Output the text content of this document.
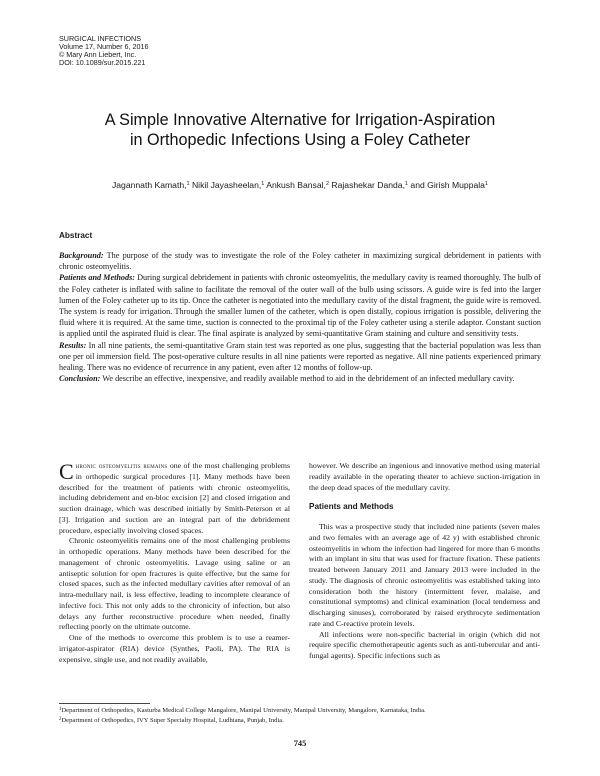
SURGICAL INFECTIONS
Volume 17, Number 6, 2016
© Mary Ann Liebert, Inc.
DOI: 10.1089/sur.2015.221
A Simple Innovative Alternative for Irrigation-Aspiration
in Orthopedic Infections Using a Foley Catheter
Jagannath Kamath,$^1$ Nikil Jayasheelan,$^1$ Ankush Bansal,$^2$ Rajashekar Danda,$^1$ and Girish Muppala$^1$
Abstract

Background: The purpose of the study was to investigate the role of the Foley catheter in maximizing surgical debridement in patients with chronic osteomyelitis.

Patients and Methods: During surgical debridement in patients with chronic osteomyelitis, the medullary cavity is reamed thoroughly. The bulb of the Foley catheter is inflated with saline to facilitate the removal of the outer wall of the bulb using scissors. A guide wire is fed into the larger lumen of the Foley catheter up to its tip. Once the catheter is negotiated into the medullary cavity of the distal fragment, the guide wire is removed. The system is ready for irrigation. Through the smaller lumen of the catheter, which is open distally, copious irrigation is possible, delivering the fluid where it is required. At the same time, suction is connected to the proximal tip of the Foley catheter using a sterile adaptor. Constant suction is applied until the aspirated fluid is clear. The final aspirate is analyzed by semi-quantitative Gram staining and culture and sensitivity tests.

Results: In all nine patients, the semi-quantitative Gram stain test was reported as one plus, suggesting that the bacterial population was less than one per oil immersion field. The post-operative culture results in all nine patients were reported as negative. All nine patients experienced primary healing. There was no evidence of recurrence in any patient, even after 12 months of follow-up.

Conclusion: We describe an effective, inexpensive, and readily available method to aid in the debridement of an infected medullary cavity.

Chronic osteomyelitis remains one of the most challenging problems in orthopedic surgical procedures [1]. Many methods have been described for the treatment of patients with chronic osteomyelitis, including debridement and en-bloc excision [2] and closed irrigation and suction drainage, which was described initially by Smith-Peterson et al [3]. Irrigation and suction are an integral part of the debridement procedure, especially involving closed spaces.

Chronic osteomyelitis remains one of the most challenging problems in orthopedic operations. Many methods have been described for the management of chronic osteomyelitis. Lavage using saline or an antiseptic solution for open fractures is quite effective, but the same for closed spaces, such as the infected medullary cavities after removal of an intra-medullary nail, is less effective, leading to incomplete clearance of infective foci. This not only adds to the chronicity of infection, but also delays any further reconstructive procedure when needed, finally reflecting poorly on the ultimate outcome.

One of the methods to overcome this problem is to use a reamer-irrigator-aspirator (RIA) device (Synthes, Paoli, PA). The RIA is expensive, single use, and not readily available,

however. We describe an ingenious and innovative method using material readily available in the operating theater to achieve suction-irrigation in the deep dead spaces of the medullary cavity.

Patients and Methods

This was a prospective study that included nine patients (seven males and two females with an average age of 42 y) with established chronic osteomyelitis in whom the infection had lingered for more than 6 months with an implant in situ that was used for fracture fixation. These patients treated between January 2011 and January 2013 were included in the study. The diagnosis of chronic osteomyelitis was established taking into consideration both the history (intermittent fever, malaise, and constitutional symptoms) and clinical examination (local tenderness and discharging sinuses), corroborated by raised erythrocyte sedimentation rate and C-reactive protein levels.

All infections were non-specific bacterial in origin (which did not require specific chemotherapeutic agents such as anti-tubercular and anti-fungal agents). Specific infections such as

$^1$Department of Orthopedics, Kasturba Medical College Mangalore, Manipal University, Manipal University, Mangalore, Karnataka, India.
$^2$Department of Orthopedics, IVY Super Specialty Hospital, Ludhiana, Punjab, India.
745
